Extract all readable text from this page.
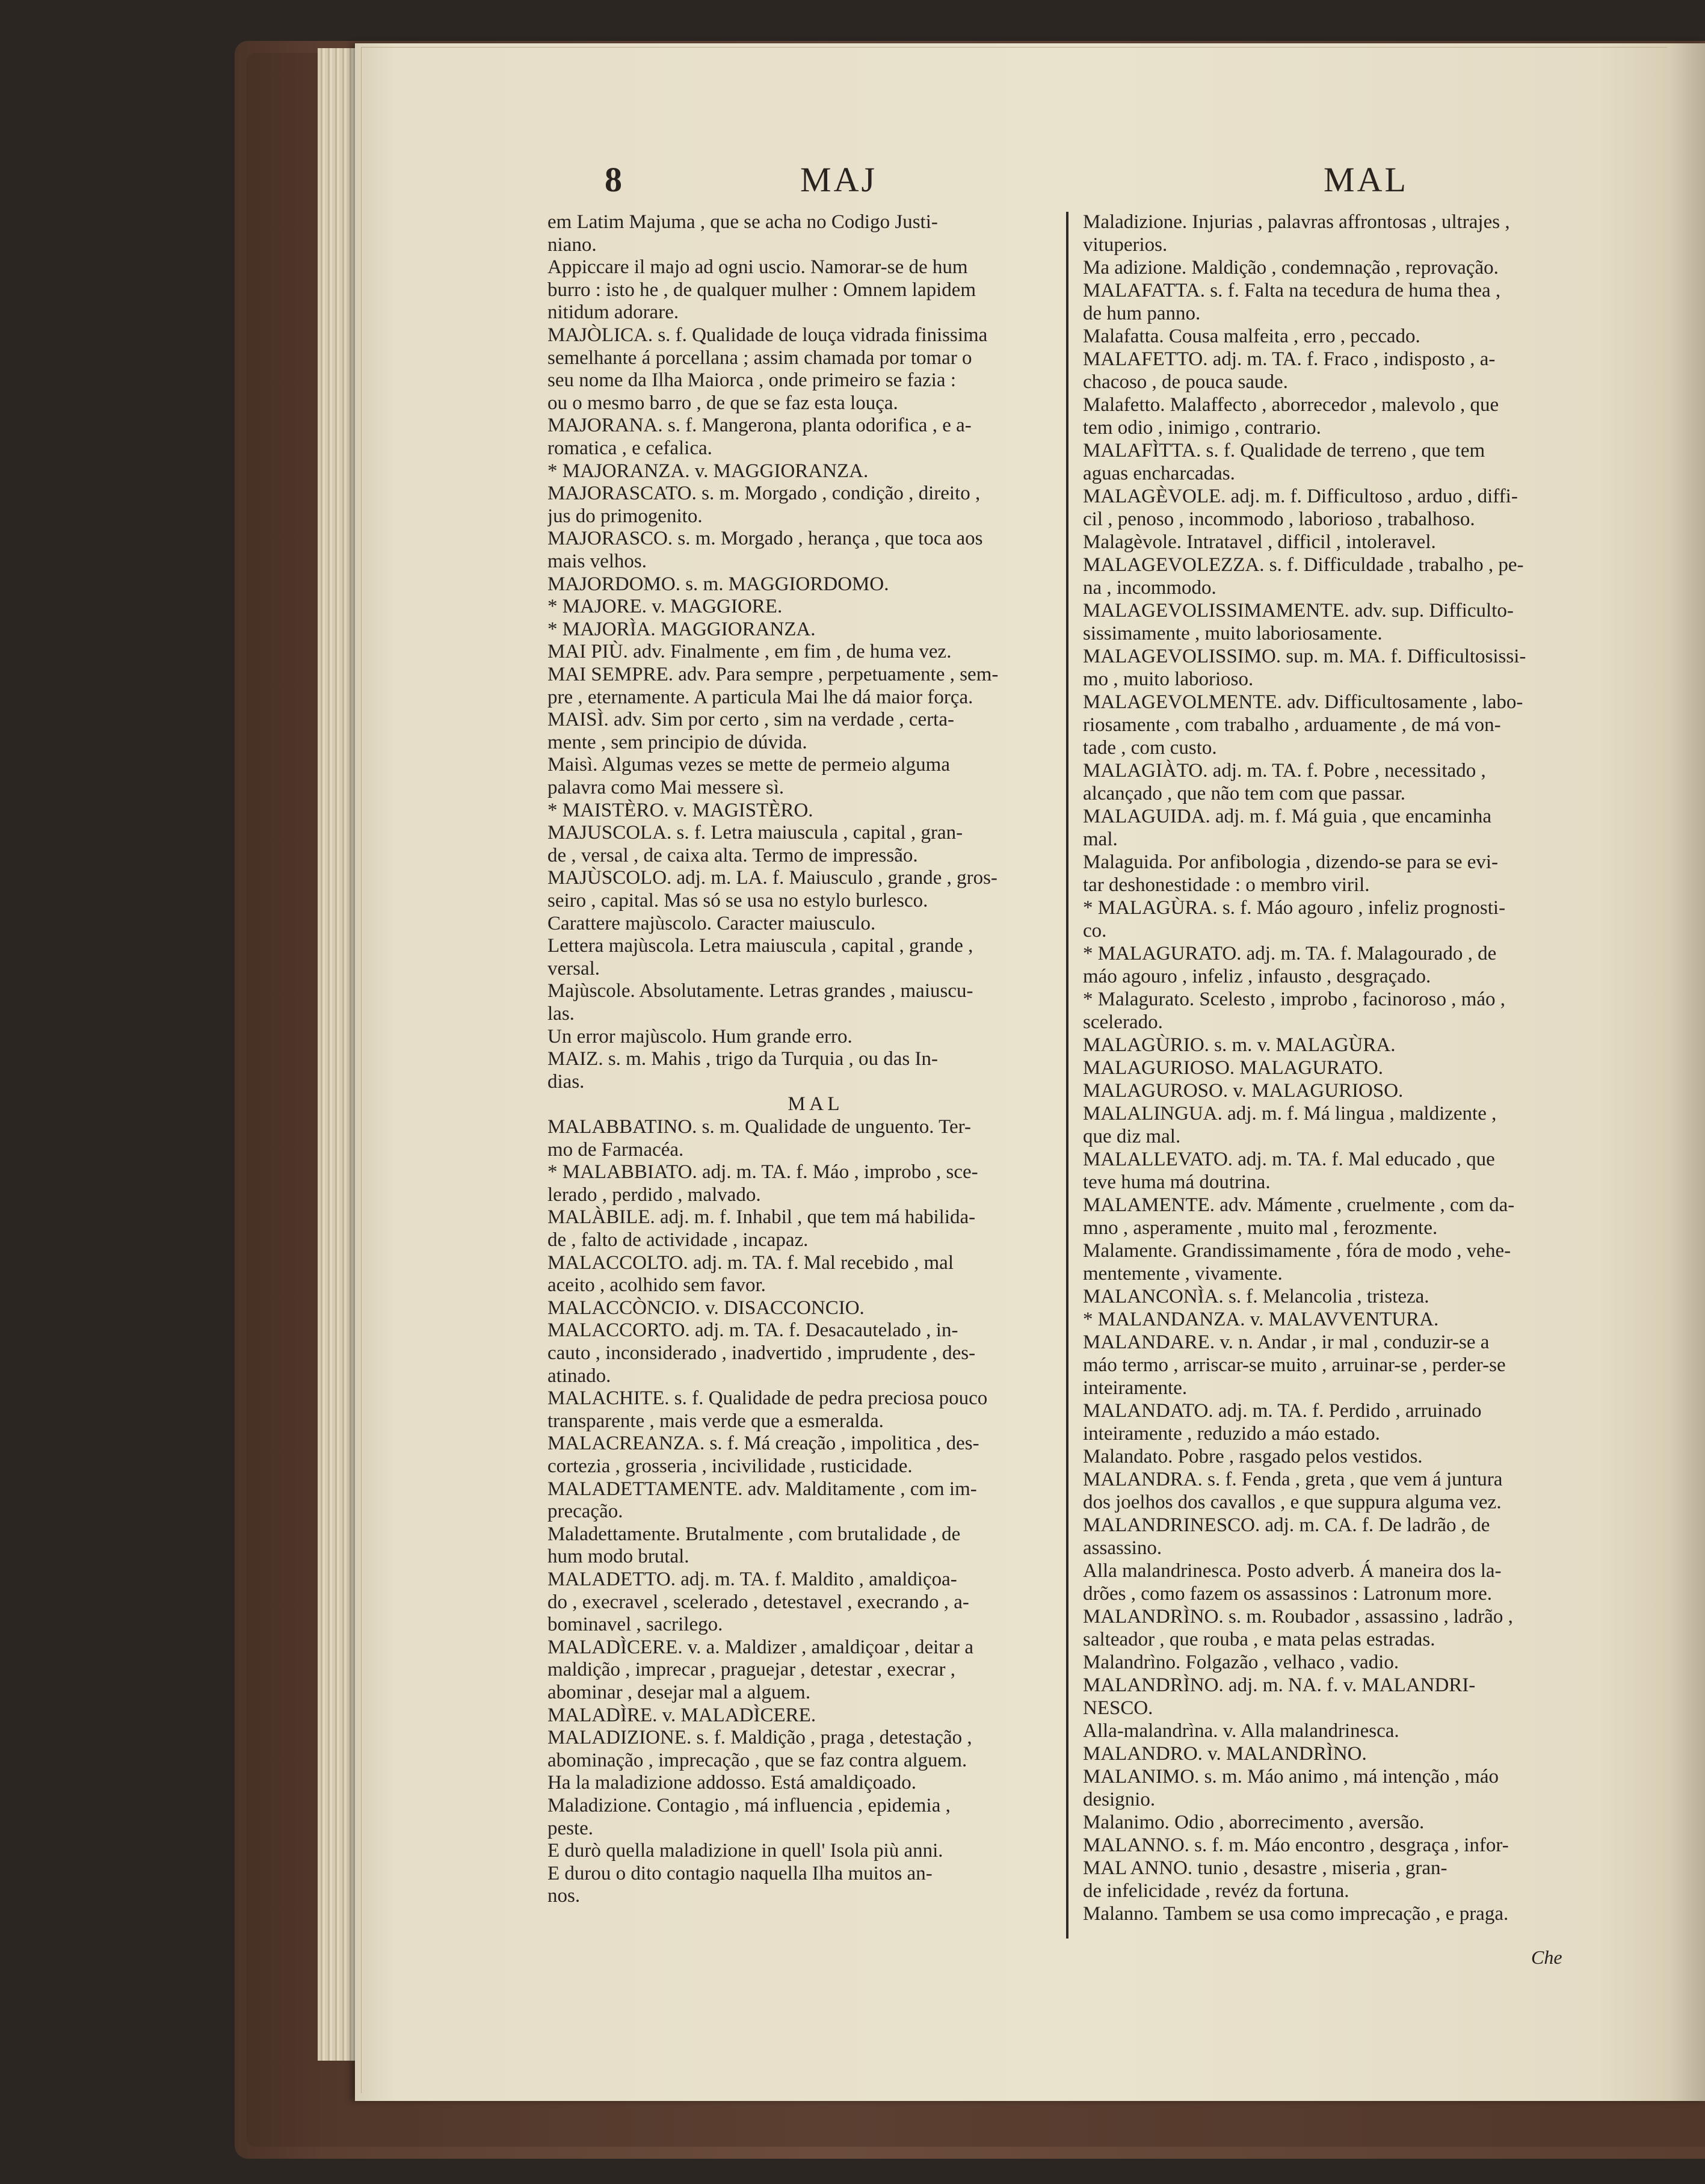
8	MAJ	MAL
em Latim Majuma , que se acha no Codigo Justi-
niano.
Appiccare il majo ad ogni uscio. Namorar-se de hum
burro : isto he , de qualquer mulher : Omnem lapidem
nitidum adorare.
MAJÒLICA. s. f. Qualidade de louça vidrada finissima
semelhante á porcellana ; assim chamada por tomar o
seu nome da Ilha Maiorca , onde primeiro se fazia :
ou o mesmo barro , de que se faz esta louça.
MAJORANA. s. f. Mangerona, planta odorifica , e a-
romatica , e cefalica.
* MAJORANZA. v. MAGGIORANZA.
MAJORASCATO. s. m. Morgado , condição , direito ,
jus do primogenito.
MAJORASCO. s. m. Morgado , herança , que toca aos
mais velhos.
MAJORDOMO. s. m. MAGGIORDOMO.
* MAJORE. v. MAGGIORE.
* MAJORÌA. MAGGIORANZA.
MAI PIÙ. adv. Finalmente , em fim , de huma vez.
MAI SEMPRE. adv. Para sempre , perpetuamente , sem-
pre , eternamente. A particula Mai lhe dá maior força.
MAISÌ. adv. Sim por certo , sim na verdade , certa-
mente , sem principio de dúvida.
Maisì. Algumas vezes se mette de permeio alguma
palavra como Mai messere sì.
* MAISTÈRO. v. MAGISTÈRO.
MAJUSCOLA. s. f. Letra maiuscula , capital , gran-
de , versal , de caixa alta. Termo de impressão.
MAJÙSCOLO. adj. m. LA. f. Maiusculo , grande , gros-
seiro , capital. Mas só se usa no estylo burlesco.
Carattere majùscolo. Caracter maiusculo.
Lettera majùscola. Letra maiuscula , capital , grande ,
versal.
Majùscole. Absolutamente. Letras grandes , maiuscu-
las.
Un error majùscolo. Hum grande erro.
MAIZ. s. m. Mahis , trigo da Turquia , ou das In-
dias.
M A L
MALABBATINO. s. m. Qualidade de unguento. Ter-
mo de Farmacéa.
* MALABBIATO. adj. m. TA. f. Máo , improbo , sce-
lerado , perdido , malvado.
MALÀBILE. adj. m. f. Inhabil , que tem má habilida-
de , falto de actividade , incapaz.
MALACCOLTO. adj. m. TA. f. Mal recebido , mal
aceito , acolhido sem favor.
MALACCÒNCIO. v. DISACCONCIO.
MALACCORTO. adj. m. TA. f. Desacautelado , in-
cauto , inconsiderado , inadvertido , imprudente , des-
atinado.
MALACHITE. s. f. Qualidade de pedra preciosa pouco
transparente , mais verde que a esmeralda.
MALACREANZA. s. f. Má creação , impolitica , des-
cortezia , grosseria , incivilidade , rusticidade.
MALADETTAMENTE. adv. Malditamente , com im-
precação.
Maladettamente. Brutalmente , com brutalidade , de
hum modo brutal.
MALADETTO. adj. m. TA. f. Maldito , amaldiçoa-
do , execravel , scelerado , detestavel , execrando , a-
bominavel , sacrilego.
MALADÌCERE. v. a. Maldizer , amaldiçoar , deitar a
maldição , imprecar , praguejar , detestar , execrar ,
abominar , desejar mal a alguem.
MALADÌRE. v. MALADÌCERE.
MALADIZIONE. s. f. Maldição , praga , detestação ,
abominação , imprecação , que se faz contra alguem.
Ha la maladizione addosso. Está amaldiçoado.
Maladizione. Contagio , má influencia , epidemia ,
peste.
E durò quella maladizione in quell' Isola più anni.
E durou o dito contagio naquella Ilha muitos an-
nos.
Maladizione. Injurias , palavras affrontosas , ultrajes ,
vituperios.
Ma adizione. Maldição , condemnação , reprovação.
MALAFATTA. s. f. Falta na tecedura de huma thea ,
de hum panno.
Malafatta. Cousa malfeita , erro , peccado.
MALAFETTO. adj. m. TA. f. Fraco , indisposto , a-
chacoso , de pouca saude.
Malafetto. Malaffecto , aborrecedor , malevolo , que
tem odio , inimigo , contrario.
MALAFÌTTA. s. f. Qualidade de terreno , que tem
aguas encharcadas.
MALAGÈVOLE. adj. m. f. Difficultoso , arduo , diffi-
cil , penoso , incommodo , laborioso , trabalhoso.
Malagèvole. Intratavel , difficil , intoleravel.
MALAGEVOLEZZA. s. f. Difficuldade , trabalho , pe-
na , incommodo.
MALAGEVOLISSIMAMENTE. adv. sup. Difficulto-
sissimamente , muito laboriosamente.
MALAGEVOLISSIMO. sup. m. MA. f. Difficultosissi-
mo , muito laborioso.
MALAGEVOLMENTE. adv. Difficultosamente , labo-
riosamente , com trabalho , arduamente , de má von-
tade , com custo.
MALAGIÀTO. adj. m. TA. f. Pobre , necessitado ,
alcançado , que não tem com que passar.
MALAGUIDA. adj. m. f. Má guia , que encaminha
mal.
Malaguida. Por anfibologia , dizendo-se para se evi-
tar deshonestidade : o membro viril.
* MALAGÙRA. s. f. Máo agouro , infeliz prognosti-
co.
* MALAGURATO. adj. m. TA. f. Malagourado , de
máo agouro , infeliz , infausto , desgraçado.
* Malagurato. Scelesto , improbo , facinoroso , máo ,
scelerado.
MALAGÙRIO. s. m. v. MALAGÙRA.
MALAGURIOSO. MALAGURATO.
MALAGUROSO. v. MALAGURIOSO.
MALALINGUA. adj. m. f. Má lingua , maldizente ,
que diz mal.
MALALLEVATO. adj. m. TA. f. Mal educado , que
teve huma má doutrina.
MALAMENTE. adv. Mámente , cruelmente , com da-
mno , asperamente , muito mal , ferozmente.
Malamente. Grandissimamente , fóra de modo , vehe-
mentemente , vivamente.
MALANCONÌA. s. f. Melancolia , tristeza.
* MALANDANZA. v. MALAVVENTURA.
MALANDARE. v. n. Andar , ir mal , conduzir-se a
máo termo , arriscar-se muito , arruinar-se , perder-se
inteiramente.
MALANDATO. adj. m. TA. f. Perdido , arruinado
inteiramente , reduzido a máo estado.
Malandato. Pobre , rasgado pelos vestidos.
MALANDRA. s. f. Fenda , greta , que vem á juntura
dos joelhos dos cavallos , e que suppura alguma vez.
MALANDRINESCO. adj. m. CA. f. De ladrão , de
assassino.
Alla malandrinesca. Posto adverb. Á maneira dos la-
drões , como fazem os assassinos : Latronum more.
MALANDRÌNO. s. m. Roubador , assassino , ladrão ,
salteador , que rouba , e mata pelas estradas.
Malandrìno. Folgazão , velhaco , vadio.
MALANDRÌNO. adj. m. NA. f. v. MALANDRI-
NESCO.
Alla-malandrìna. v. Alla malandrinesca.
MALANDRO. v. MALANDRÌNO.
MALANIMO. s. m. Máo animo , má intenção , máo
designio.
Malanimo. Odio , aborrecimento , aversão.
MALANNO. s. f. m. Máo encontro , desgraça , infor-
MAL ANNO. tunio , desastre , miseria , gran-
de infelicidade , revéz da fortuna.
Malanno. Tambem se usa como imprecação , e praga.
Che
